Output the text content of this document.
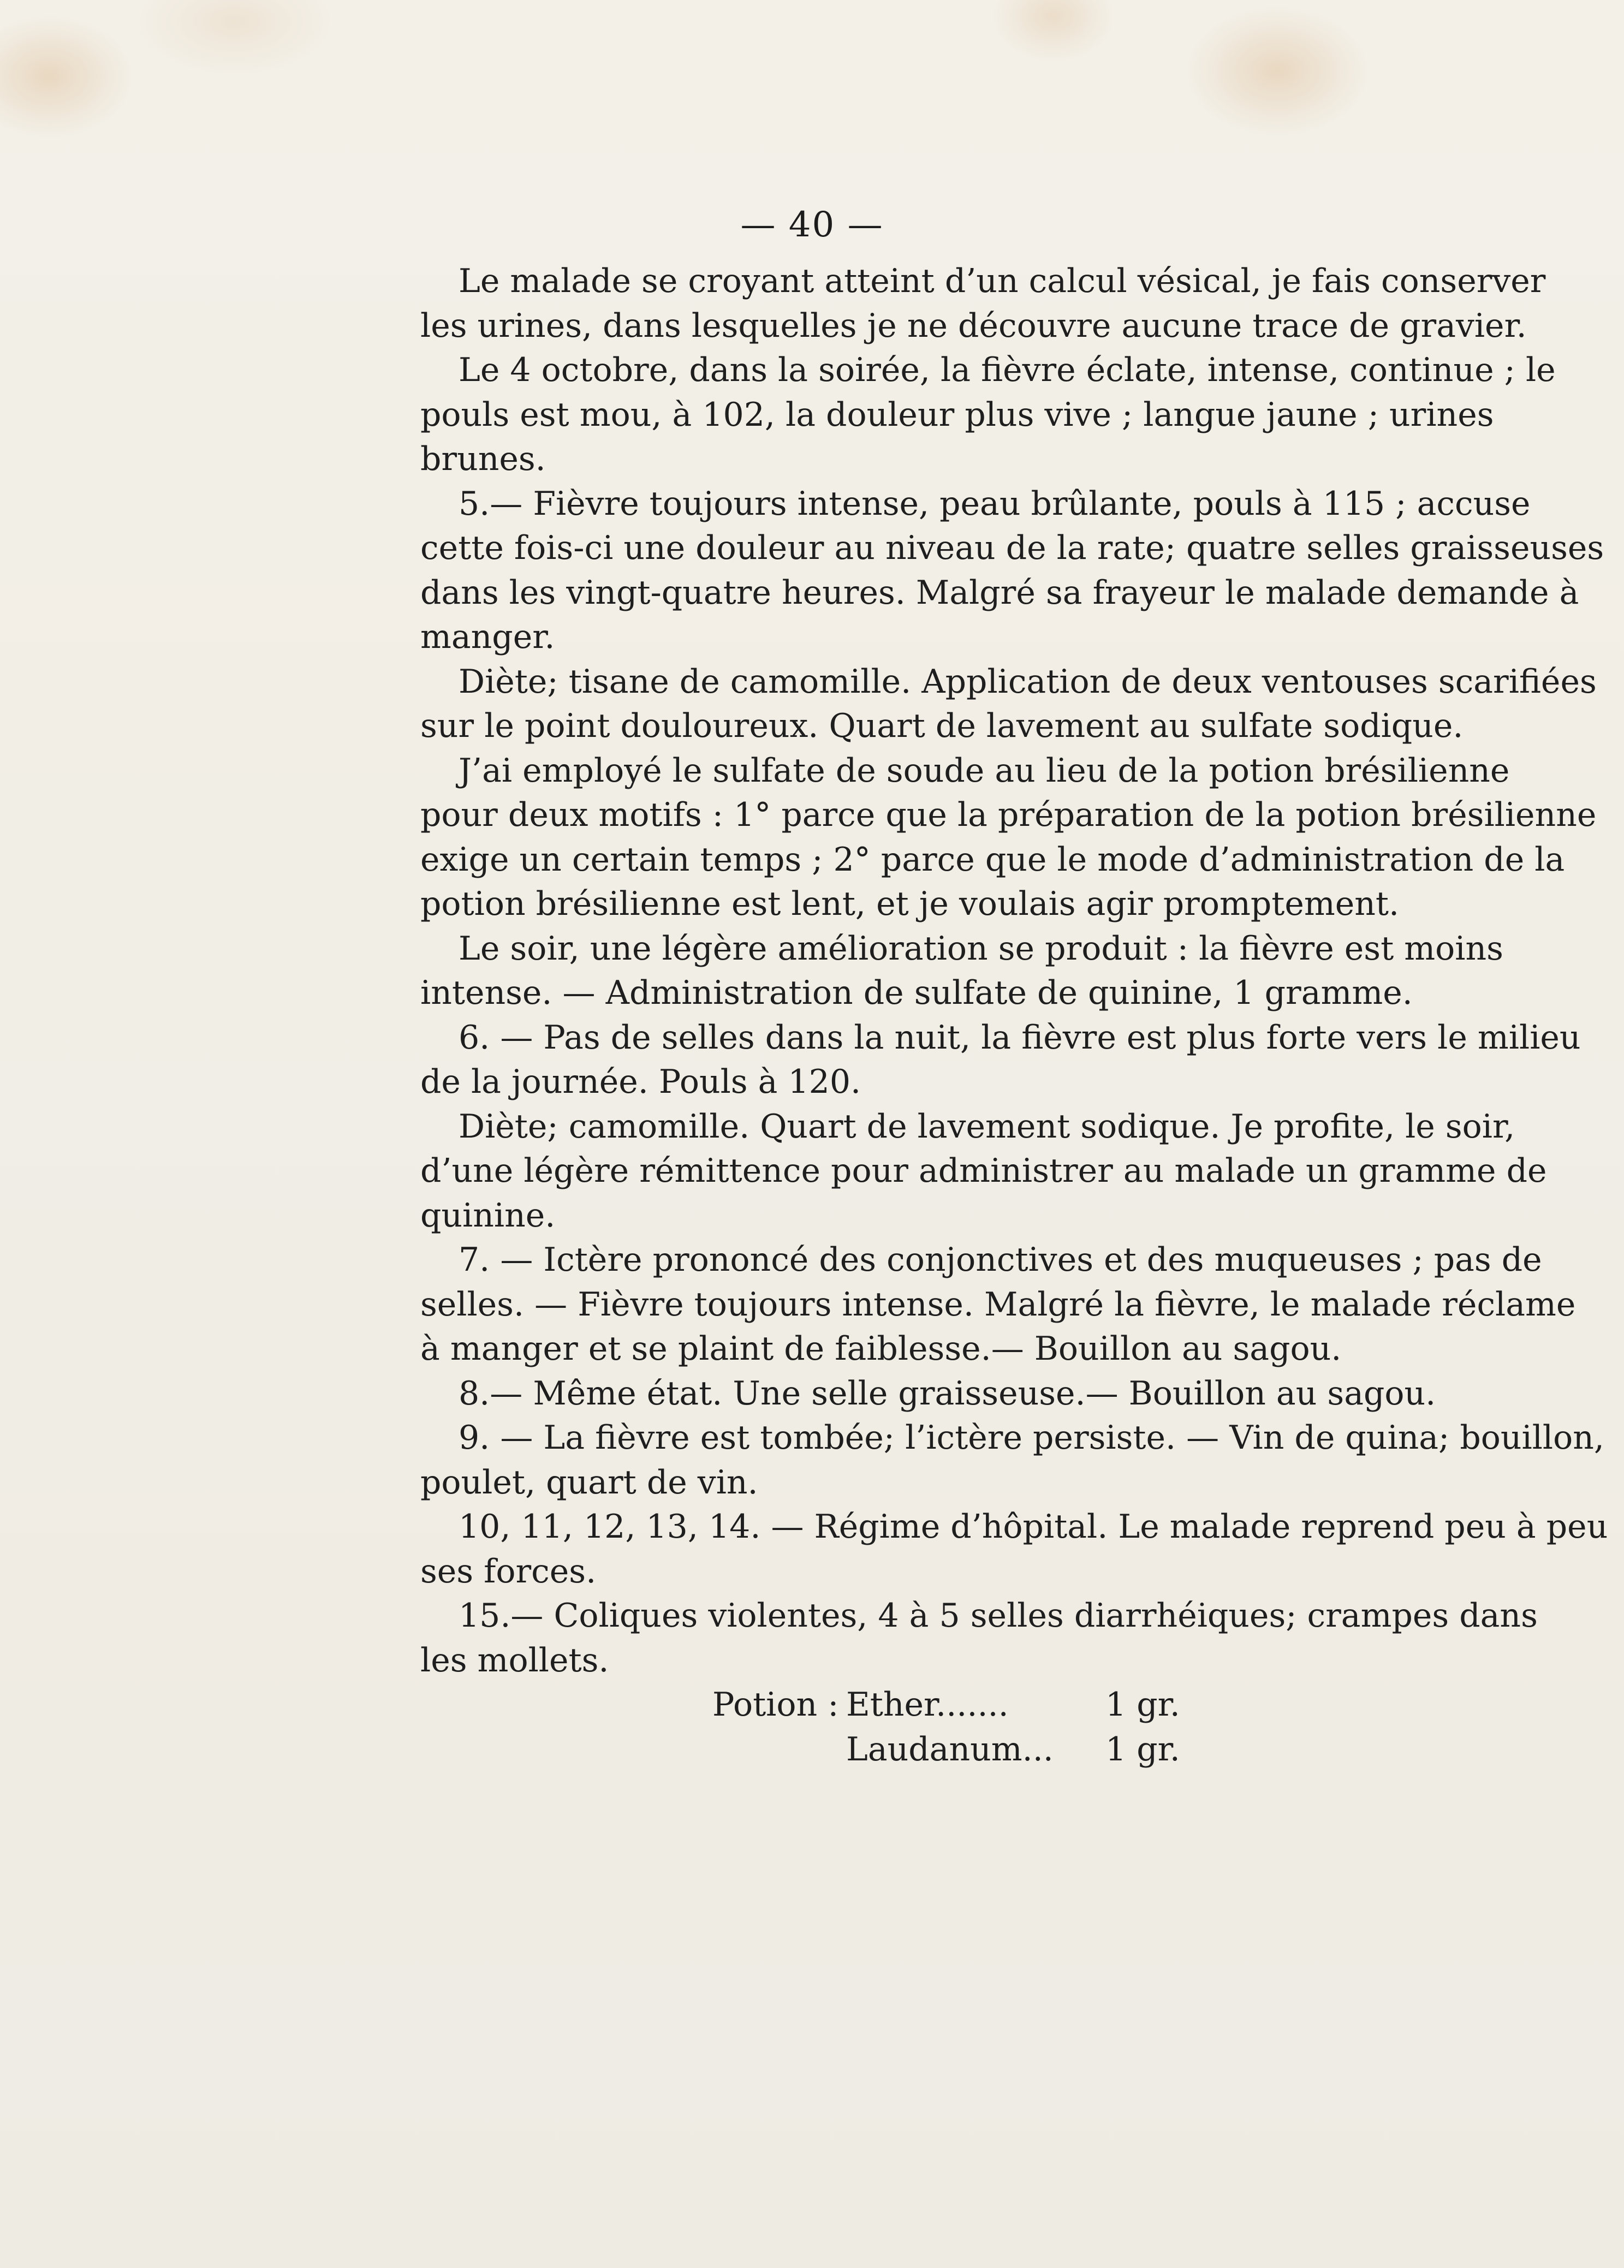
— 40 —
Le malade se croyant atteint d’un calcul vésical, je fais conserver
les urines, dans lesquelles je ne découvre aucune trace de gravier.
Le 4 octobre, dans la soirée, la fièvre éclate, intense, continue ; le
pouls est mou, à 102, la douleur plus vive ; langue jaune ; urines
brunes.
5.— Fièvre toujours intense, peau brûlante, pouls à 115 ; accuse
cette fois-ci une douleur au niveau de la rate; quatre selles graisseuses
dans les vingt-quatre heures. Malgré sa frayeur le malade demande à
manger.
Diète; tisane de camomille. Application de deux ventouses scarifiées
sur le point douloureux. Quart de lavement au sulfate sodique.
J’ai employé le sulfate de soude au lieu de la potion brésilienne
pour deux motifs : 1° parce que la préparation de la potion brésilienne
exige un certain temps ; 2° parce que le mode d’administration de la
potion brésilienne est lent, et je voulais agir promptement.
Le soir, une légère amélioration se produit : la fièvre est moins
intense. — Administration de sulfate de quinine, 1 gramme.
6. — Pas de selles dans la nuit, la fièvre est plus forte vers le milieu
de la journée. Pouls à 120.
Diète; camomille. Quart de lavement sodique. Je profite, le soir,
d’une légère rémittence pour administrer au malade un gramme de
quinine.
7. — Ictère prononcé des conjonctives et des muqueuses ; pas de
selles. — Fièvre toujours intense. Malgré la fièvre, le malade réclame
à manger et se plaint de faiblesse.— Bouillon au sagou.
8.— Même état. Une selle graisseuse.— Bouillon au sagou.
9. — La fièvre est tombée; l’ictère persiste. — Vin de quina; bouillon,
poulet, quart de vin.
10, 11, 12, 13, 14. — Régime d’hôpital. Le malade reprend peu à peu
ses forces.
15.— Coliques violentes, 4 à 5 selles diarrhéiques; crampes dans
les mollets.
Potion : Ether.......	1 gr.
Laudanum... 1 gr.
